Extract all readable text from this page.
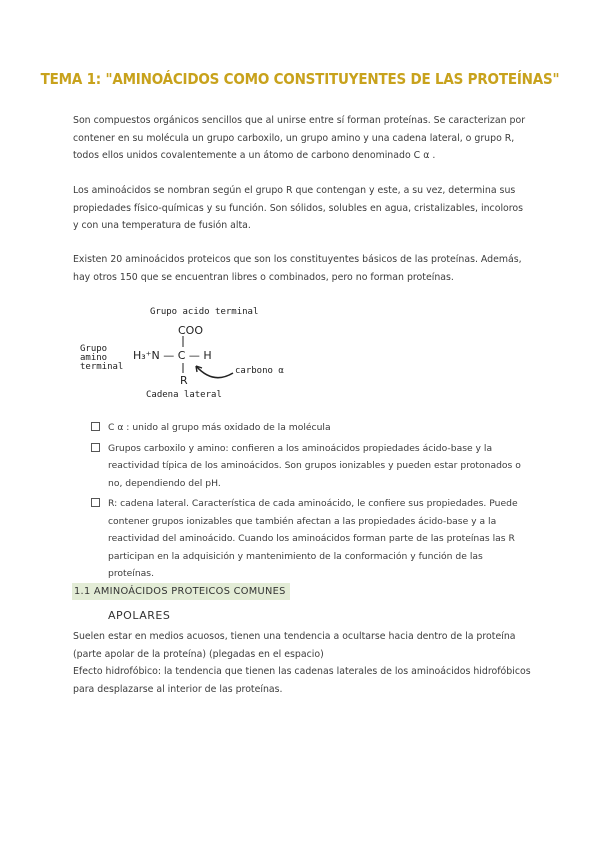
TEMA 1: "AMINOÁCIDOS COMO CONSTITUYENTES DE LAS PROTEÍNAS"

Son compuestos orgánicos sencillos que al unirse entre sí forman proteínas. Se caracterizan por contener en su molécula un grupo carboxilo, un grupo amino y una cadena lateral, o grupo R, todos ellos unidos covalentemente a un átomo de carbono denominado C α .

Los aminoácidos se nombran según el grupo R que contengan y este, a su vez, determina sus propiedades físico-químicas y su función. Son sólidos, solubles en agua, cristalizables, incoloros y con una temperatura de fusión alta.

Existen 20 aminoácidos proteicos que son los constituyentes básicos de las proteínas. Además, hay otros 150 que se encuentran libres o combinados, pero no forman proteínas.

Grupo acido terminal
COO
Grupo
amino
terminal
H₃⁺N — C — H
R
Cadena lateral
carbono α
C α : unido al grupo más oxidado de la molécula
Grupos carboxilo y amino: confieren a los aminoácidos propiedades ácido-base y la reactividad típica de los aminoácidos. Son grupos ionizables y pueden estar protonados o no, dependiendo del pH.
R: cadena lateral. Característica de cada aminoácido, le confiere sus propiedades. Puede contener grupos ionizables que también afectan a las propiedades ácido-base y a la reactividad del aminoácido. Cuando los aminoácidos forman parte de las proteínas las R participan en la adquisición y mantenimiento de la conformación y función de las proteínas.
1.1 AMINOÁCIDOS PROTEICOS COMUNES
APOLARES

Suelen estar en medios acuosos, tienen una tendencia a ocultarse hacia dentro de la proteína (parte apolar de la proteína) (plegadas en el espacio)

Efecto hidrofóbico: la tendencia que tienen las cadenas laterales de los aminoácidos hidrofóbicos para desplazarse al interior de las proteínas.
